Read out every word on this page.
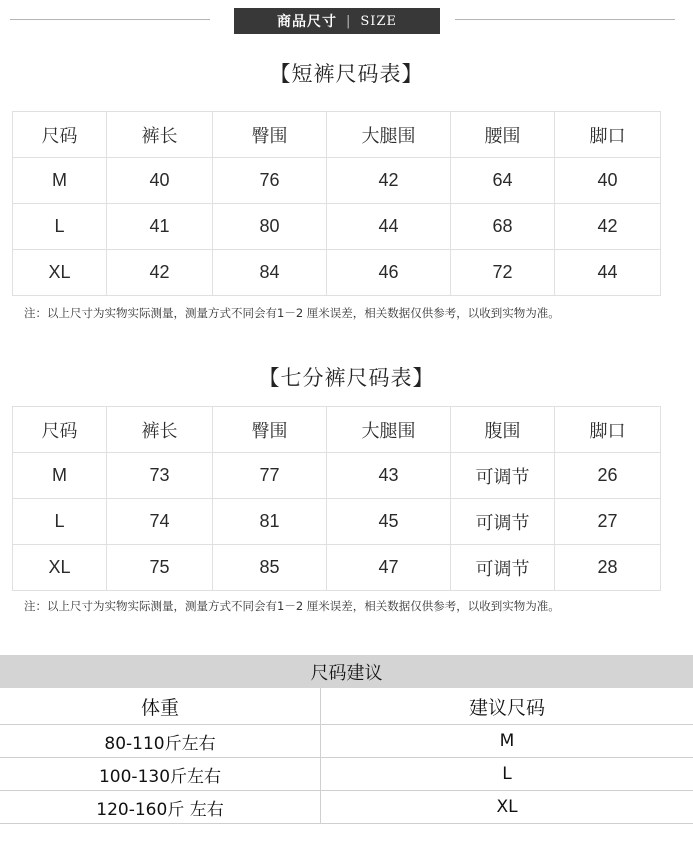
商品尺寸 | SIZE
【短裤尺码表】
尺码	裤长	臀围	大腿围	腰围	脚口
M	40	76	42	64	40
L	41	80	44	68	42
XL	42	84	46	72	44
注：以上尺寸为实物实际测量，测量方式不同会有1－2 厘米误差，相关数据仅供参考，以收到实物为准。
【七分裤尺码表】
尺码	裤长	臀围	大腿围	腹围	脚口
M	73	77	43	可调节	26
L	74	81	45	可调节	27
XL	75	85	47	可调节	28
注：以上尺寸为实物实际测量，测量方式不同会有1－2 厘米误差，相关数据仅供参考，以收到实物为准。
尺码建议
体重	建议尺码
80-110斤左右	M
100-130斤左右	L
120-160斤 左右	XL
